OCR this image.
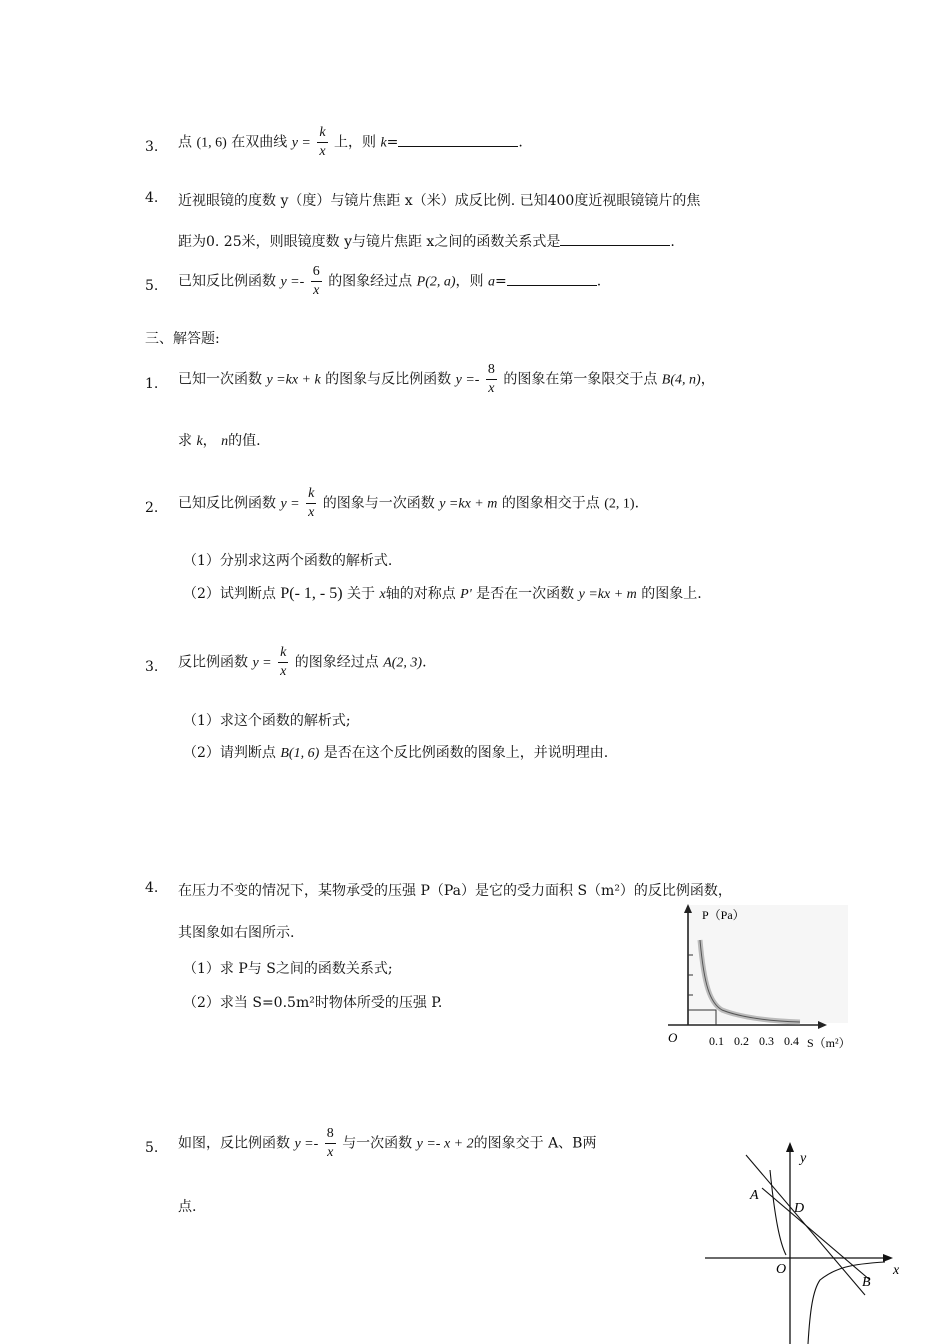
3. 点 (1, 6) 在双曲线 $y = \frac{k}{x}$ 上，则 k=	.
4. 近视眼镜的度数 y（度）与镜片焦距 x（米）成反比例. 已知400度近视眼镜镜片的焦
距为0. 25米，则眼镜度数 y与镜片焦距 x之间的函数关系式是	.
5. 已知反比例函数 $y =- \frac{6}{x}$ 的图象经过点 P(2, a)，则 a=	.
三、解答题:
1. 已知一次函数 y =kx + k 的图象与反比例函数 $y =- \frac{8}{x}$ 的图象在第一象限交于点 B(4, n)，
求 k， n的值.
2. 已知反比例函数 $y = \frac{k}{x}$ 的图象与一次函数 y =kx + m 的图象相交于点 (2, 1).
（1）分别求这两个函数的解析式.
（2）试判断点 P(- 1, - 5) 关于 x轴的对称点 P' 是否在一次函数 y =kx + m 的图象上.
3. 反比例函数 $y = \frac{k}{x}$ 的图象经过点 A(2, 3).
（1）求这个函数的解析式;
（2）请判断点 B(1, 6) 是否在这个反比例函数的图象上，并说明理由.
4. 在压力不变的情况下，某物承受的压强 P（Pa）是它的受力面积 S（m²）的反比例函数，
其图象如右图所示.
（1）求 P与 S之间的函数关系式;
（2）求当 S=0.5m²时物体所受的压强 P.
P（Pa）
O	0.1 0.2 0.3 0.4 S（m²）
5. 如图，反比例函数 $y =- \frac{8}{x}$ 与一次函数 y =- x + 2的图象交于 A、B两
点.
y
x
O
A
D
B
